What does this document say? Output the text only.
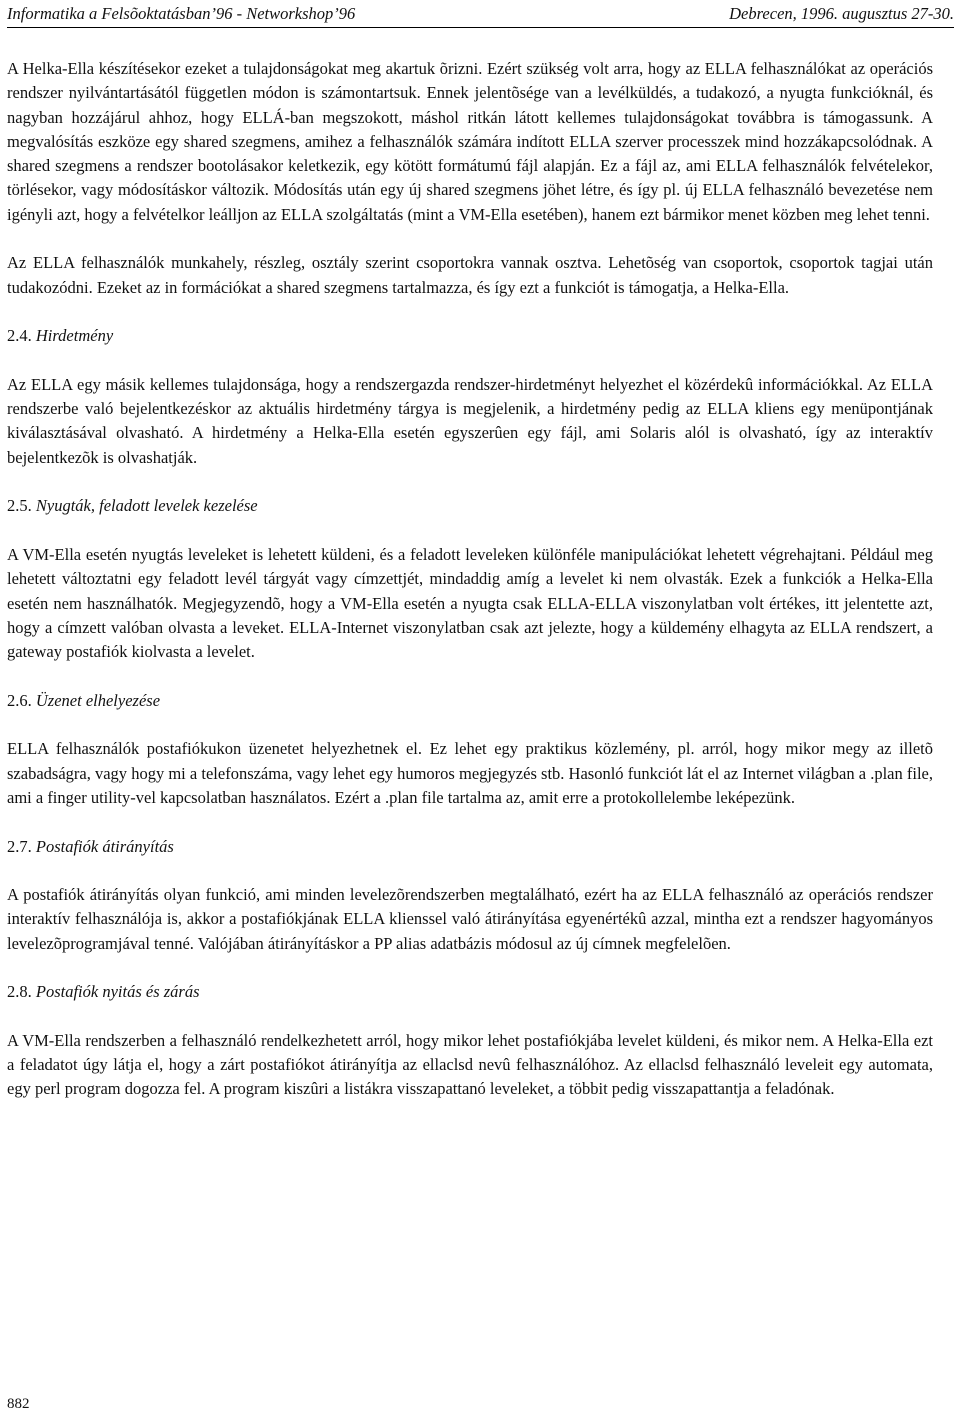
Informatika a Felsõoktatásban’96 - Networkshop’96	Debrecen, 1996. augusztus 27-30.

A Helka-Ella készítésekor ezeket a tulajdonságokat meg akartuk õrizni. Ezért szükség volt arra, hogy az ELLA felhasználókat az operációs rendszer nyilvántartásától független módon is számontartsuk. Ennek jelentõsége van a levélküldés, a tudakozó, a nyugta funkcióknál, és nagyban hozzájárul ahhoz, hogy ELLÁ-ban megszokott, máshol ritkán látott kellemes tulajdonságokat továbbra is támogassunk. A megvalósítás eszköze egy shared szegmens, amihez a felhasználók számára indított ELLA szerver processzek mind hozzákapcsolódnak. A shared szegmens a rendszer bootolásakor keletkezik, egy kötött formátumú fájl alapján. Ez a fájl az, ami ELLA felhasználók felvételekor, törlésekor, vagy módosításkor változik. Módosítás után egy új shared szegmens jöhet létre, és így pl. új ELLA felhasználó bevezetése nem igényli azt, hogy a felvételkor leálljon az ELLA szolgáltatás (mint a VM-Ella esetében), hanem ezt bármikor menet közben meg lehet tenni.

Az ELLA felhasználók munkahely, részleg, osztály szerint csoportokra vannak osztva. Lehetõség van csoportok, csoportok tagjai után tudakozódni. Ezeket az in formációkat a shared szegmens tartalmazza, és így ezt a funkciót is támogatja, a Helka-Ella.

2.4. Hirdetmény

Az ELLA egy másik kellemes tulajdonsága, hogy a rendszergazda rendszer-hirdetményt helyezhet el közérdekû információkkal. Az ELLA rendszerbe való bejelentkezéskor az aktuális hirdetmény tárgya is megjelenik, a hirdetmény pedig az ELLA kliens egy menüpontjának kiválasztásával olvasható. A hirdetmény a Helka-Ella esetén egyszerûen egy fájl, ami Solaris alól is olvasható, így az interaktív bejelentkezõk is olvashatják.

2.5. Nyugták, feladott levelek kezelése

A VM-Ella esetén nyugtás leveleket is lehetett küldeni, és a feladott leveleken különféle manipulációkat lehetett végrehajtani. Például meg lehetett változtatni egy feladott levél tárgyát vagy címzettjét, mindaddig amíg a levelet ki nem olvasták. Ezek a funkciók a Helka-Ella esetén nem használhatók. Megjegyzendõ, hogy a VM-Ella esetén a nyugta csak ELLA-ELLA viszonylatban volt értékes, itt jelentette azt, hogy a címzett valóban olvasta a leveket. ELLA-Internet viszonylatban csak azt jelezte, hogy a küldemény elhagyta az ELLA rendszert, a gateway postafiók kiolvasta a levelet.

2.6. Üzenet elhelyezése

ELLA felhasználók postafiókukon üzenetet helyezhetnek el. Ez lehet egy praktikus közlemény, pl. arról, hogy mikor megy az illetõ szabadságra, vagy hogy mi a telefonszáma, vagy lehet egy humoros megjegyzés stb. Hasonló funkciót lát el az Internet világban a .plan file, ami a finger utility-vel kapcsolatban használatos. Ezért a .plan file tartalma az, amit erre a protokollelembe leképezünk.

2.7. Postafiók átirányítás

A postafiók átirányítás olyan funkció, ami minden levelezõrendszerben megtalálható, ezért ha az ELLA felhasználó az operációs rendszer interaktív felhasználója is, akkor a postafiókjának ELLA klienssel való átirányítása egyenértékû azzal, mintha ezt a rendszer hagyományos levelezõprogramjával tenné. Valójában átirányításkor a PP alias adatbázis módosul az új címnek megfelelõen.

2.8. Postafiók nyitás és zárás

A VM-Ella rendszerben a felhasználó rendelkezhetett arról, hogy mikor lehet postafiókjába levelet küldeni, és mikor nem. A Helka-Ella ezt a feladatot úgy látja el, hogy a zárt postafiókot átirányítja az ellaclsd nevû felhasználóhoz. Az ellaclsd felhasználó leveleit egy automata, egy perl program dogozza fel. A program kiszûri a listákra visszapattanó leveleket, a többit pedig visszapattantja a feladónak.

882
